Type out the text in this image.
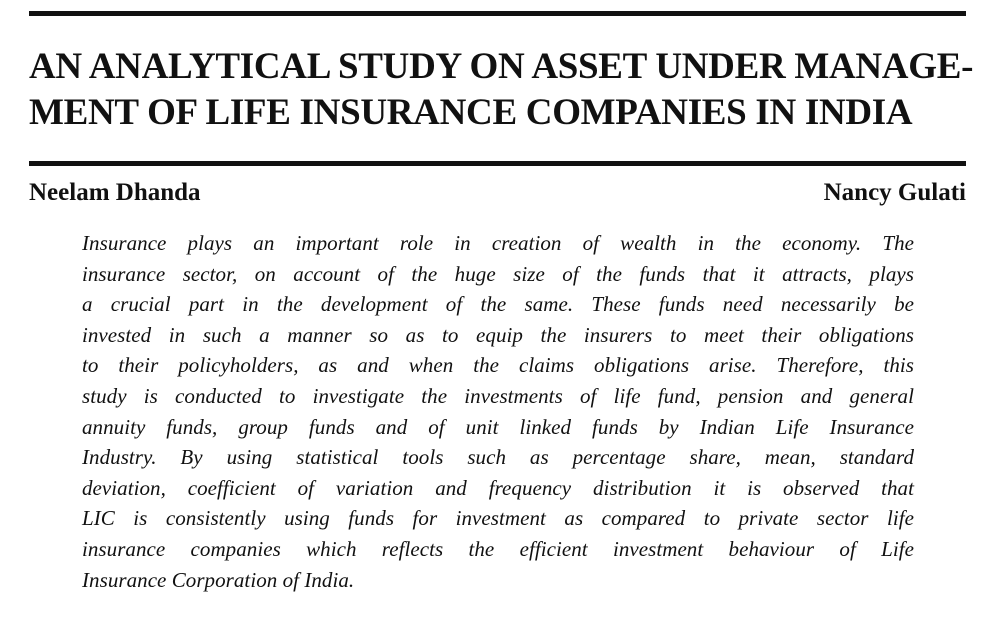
AN ANALYTICAL STUDY ON ASSET UNDER MANAGE-
MENT OF LIFE INSURANCE COMPANIES IN INDIA
Neelam Dhanda	Nancy Gulati

Insurance plays an important role in creation of wealth in the economy. The
insurance sector, on account of the huge size of the funds that it attracts, plays
a crucial part in the development of the same. These funds need necessarily be
invested in such a manner so as to equip the insurers to meet their obligations
to their policyholders, as and when the claims obligations arise. Therefore, this
study is conducted to investigate the investments of life fund, pension and general
annuity funds, group funds and of unit linked funds by Indian Life Insurance
Industry. By using statistical tools such as percentage share, mean, standard
deviation, coefficient of variation and frequency distribution it is observed that
LIC is consistently using funds for investment as compared to private sector life
insurance companies which reflects the efficient investment behaviour of Life
Insurance Corporation of India.
